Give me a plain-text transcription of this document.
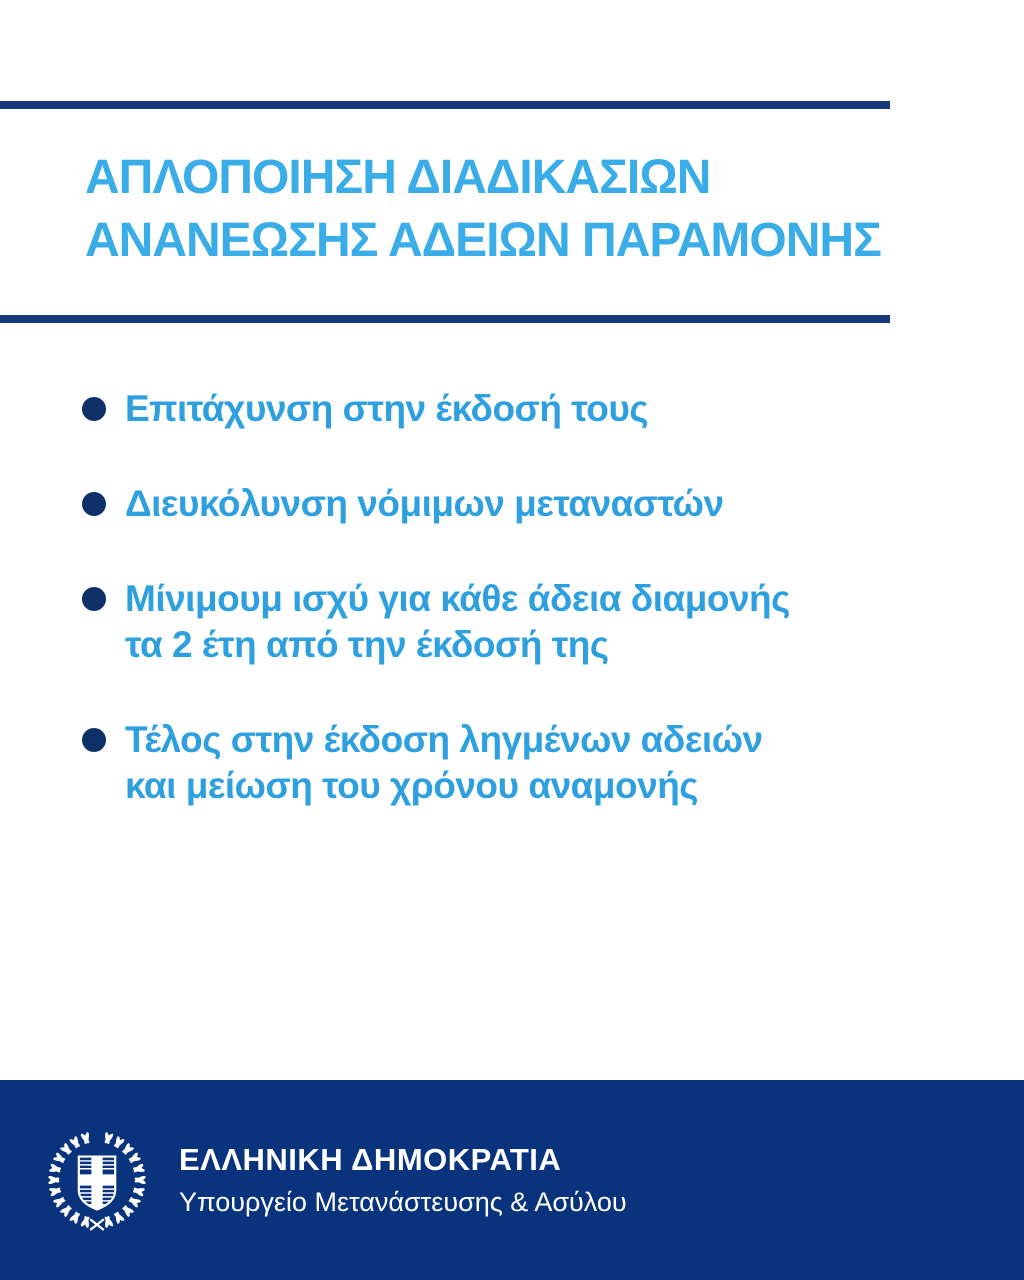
ΑΠΛΟΠΟΙΗΣΗ ΔΙΑΔΙΚΑΣΙΩΝ
ΑΝΑΝΕΩΣΗΣ ΑΔΕΙΩΝ ΠΑΡΑΜΟΝΗΣ
Επιτάχυνση στην έκδοσή τους
Διευκόλυνση νόμιμων μεταναστών
Μίνιμουμ ισχύ για κάθε άδεια διαμονής
τα 2 έτη από την έκδοσή της
Τέλος στην έκδοση ληγμένων αδειών
και μείωση του χρόνου αναμονής
ΕΛΛΗΝΙΚΗ ΔΗΜΟΚΡΑΤΙΑ
Υπουργείο Μετανάστευσης & Ασύλου
